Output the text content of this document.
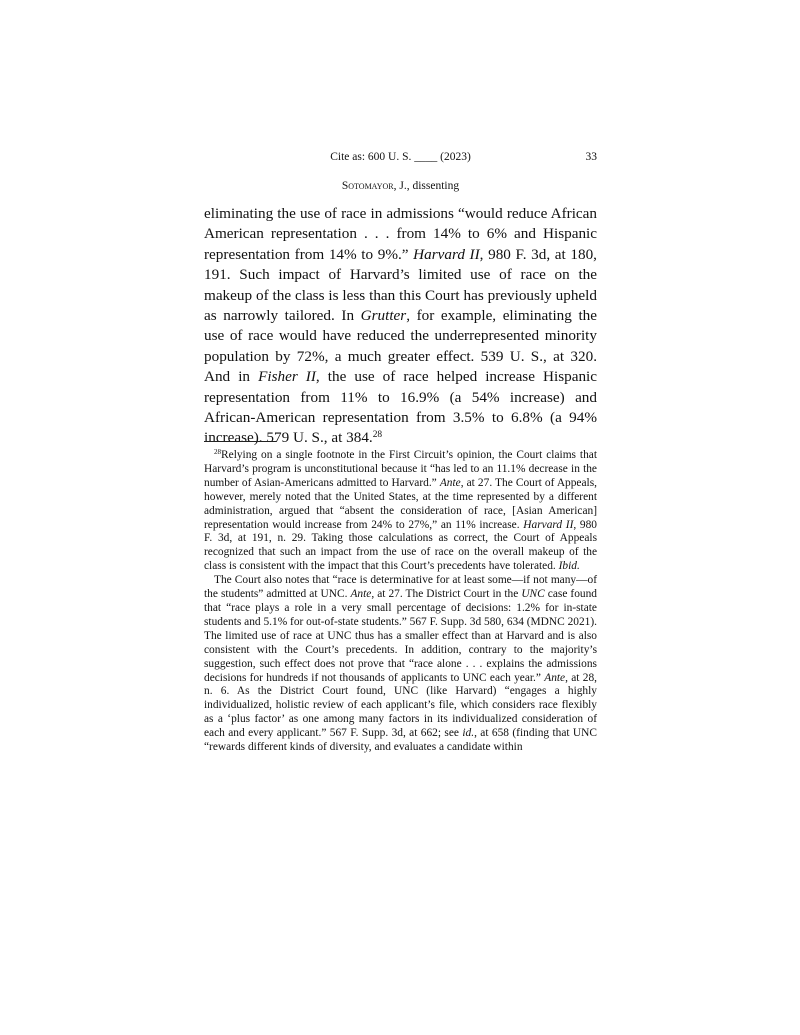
Cite as: 600 U. S. ____ (2023)	33
Sotomayor, J., dissenting

eliminating the use of race in admissions “would reduce African American representation . . . from 14% to 6% and Hispanic representation from 14% to 9%.” Harvard II, 980 F. 3d, at 180, 191. Such impact of Harvard’s limited use of race on the makeup of the class is less than this Court has previously upheld as narrowly tailored. In Grutter, for example, eliminating the use of race would have reduced the underrepresented minority population by 72%, a much greater effect. 539 U. S., at 320. And in Fisher II, the use of race helped increase Hispanic representation from 11% to 16.9% (a 54% increase) and African-American representation from 3.5% to 6.8% (a 94% increase). 579 U. S., at 384.28

$^{28}$Relying on a single footnote in the First Circuit’s opinion, the Court claims that Harvard’s program is unconstitutional because it “has led to an 11.1% decrease in the number of Asian-Americans admitted to Harvard.” Ante, at 27. The Court of Appeals, however, merely noted that the United States, at the time represented by a different administration, argued that “absent the consideration of race, [Asian American] representation would increase from 24% to 27%,” an 11% increase. Harvard II, 980 F. 3d, at 191, n. 29. Taking those calculations as correct, the Court of Appeals recognized that such an impact from the use of race on the overall makeup of the class is consistent with the impact that this Court’s precedents have tolerated. Ibid.

The Court also notes that “race is determinative for at least some—if not many—of the students” admitted at UNC. Ante, at 27. The District Court in the UNC case found that “race plays a role in a very small percentage of decisions: 1.2% for in-state students and 5.1% for out-of-state students.” 567 F. Supp. 3d 580, 634 (MDNC 2021). The limited use of race at UNC thus has a smaller effect than at Harvard and is also consistent with the Court’s precedents. In addition, contrary to the majority’s suggestion, such effect does not prove that “race alone . . . explains the admissions decisions for hundreds if not thousands of applicants to UNC each year.” Ante, at 28, n. 6. As the District Court found, UNC (like Harvard) “engages a highly individualized, holistic review of each applicant’s file, which considers race flexibly as a ‘plus factor’ as one among many factors in its individualized consideration of each and every applicant.” 567 F. Supp. 3d, at 662; see id., at 658 (finding that UNC “rewards different kinds of diversity, and evaluates a candidate within
